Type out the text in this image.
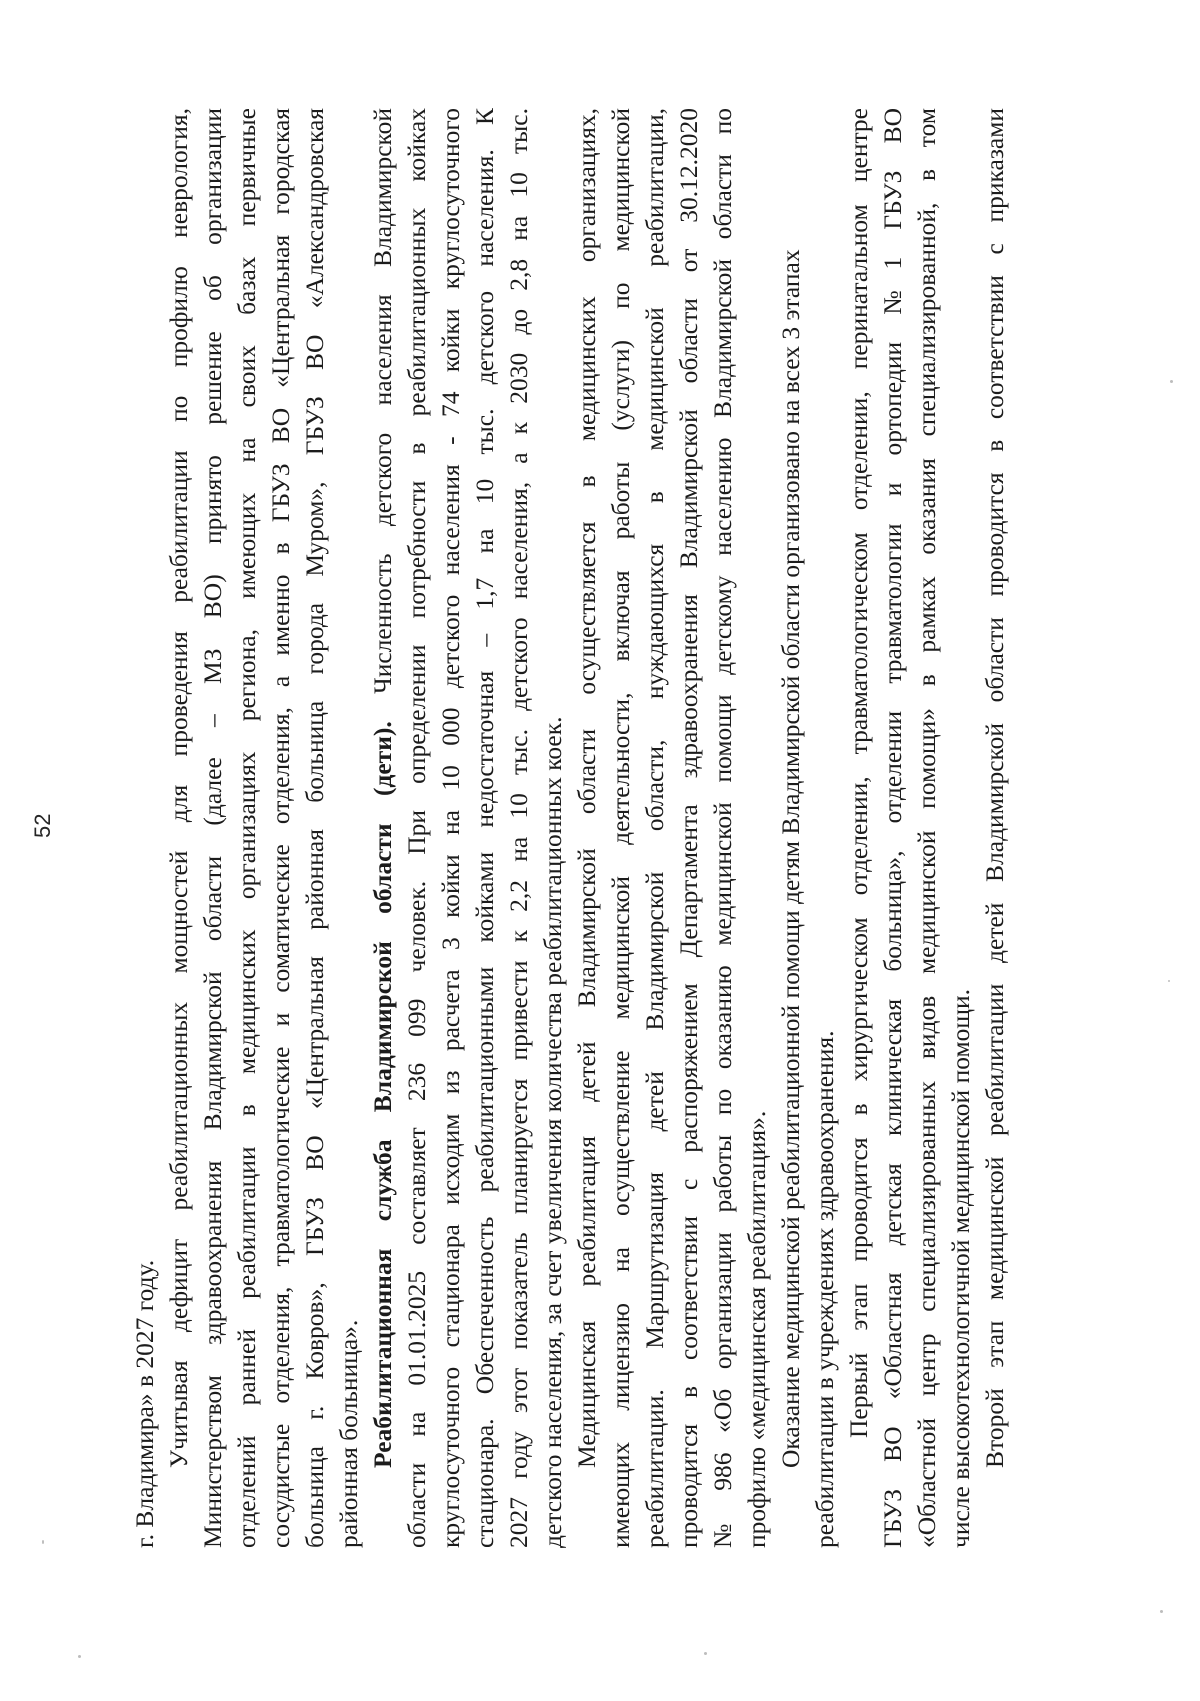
52
г. Владимира» в 2027 году. Учитывая дефицит реабилитационных мощностей для проведения реабилитации по профилю неврология, Министерством здравоохранения Владимирской области (далее – МЗ ВО) принято решение об организации отделений ранней реабилитации в медицинских организациях региона, имеющих на своих базах первичные сосудистые отделения, травматологические и соматические отделения, а именно в ГБУЗ ВО «Центральная городская больница г. Ковров», ГБУЗ ВО «Центральная районная больница города Муром», ГБУЗ ВО «Александровская районная больница». Реабилитационная служба Владимирской области (дети). Численность детского населения Владимирской области на 01.01.2025 составляет 236 099 человек. При определении потребности в реабилитационных койках круглосуточного стационара исходим из расчета 3 койки на 10 000 детского населения - 74 койки круглосуточного стационара. Обеспеченность реабилитационными койками недостаточная – 1,7 на 10 тыс. детского населения. К 2027 году этот показатель планируется привести к 2,2 на 10 тыс. детского населения, а к 2030 до 2,8 на 10 тыс. детского населения, за счет увеличения количества реабилитационных коек. Медицинская реабилитация детей Владимирской области осуществляется в медицинских организациях, имеющих лицензию на осуществление медицинской деятельности, включая работы (услуги) по медицинской реабилитации. Маршрутизация детей Владимирской области, нуждающихся в медицинской реабилитации, проводится в соответствии с распоряжением Департамента здравоохранения Владимирской области от 30.12.2020 № 986 «Об организации работы по оказанию медицинской помощи детскому населению Владимирской области по профилю «медицинская реабилитация». Оказание медицинской реабилитационной помощи детям Владимирской области организовано на всех 3 этапах реабилитации в учреждениях здравоохранения. Первый этап проводится в хирургическом отделении, травматологическом отделении, перинатальном центре ГБУЗ ВО «Областная детская клиническая больница», отделении травматологии и ортопедии №1 ГБУЗ ВО «Областной центр специализированных видов медицинской помощи» в рамках оказания специализированной, в том числе высокотехнологичной медицинской помощи. Второй этап медицинской реабилитации детей Владимирской области проводится в соответствии с приказами
